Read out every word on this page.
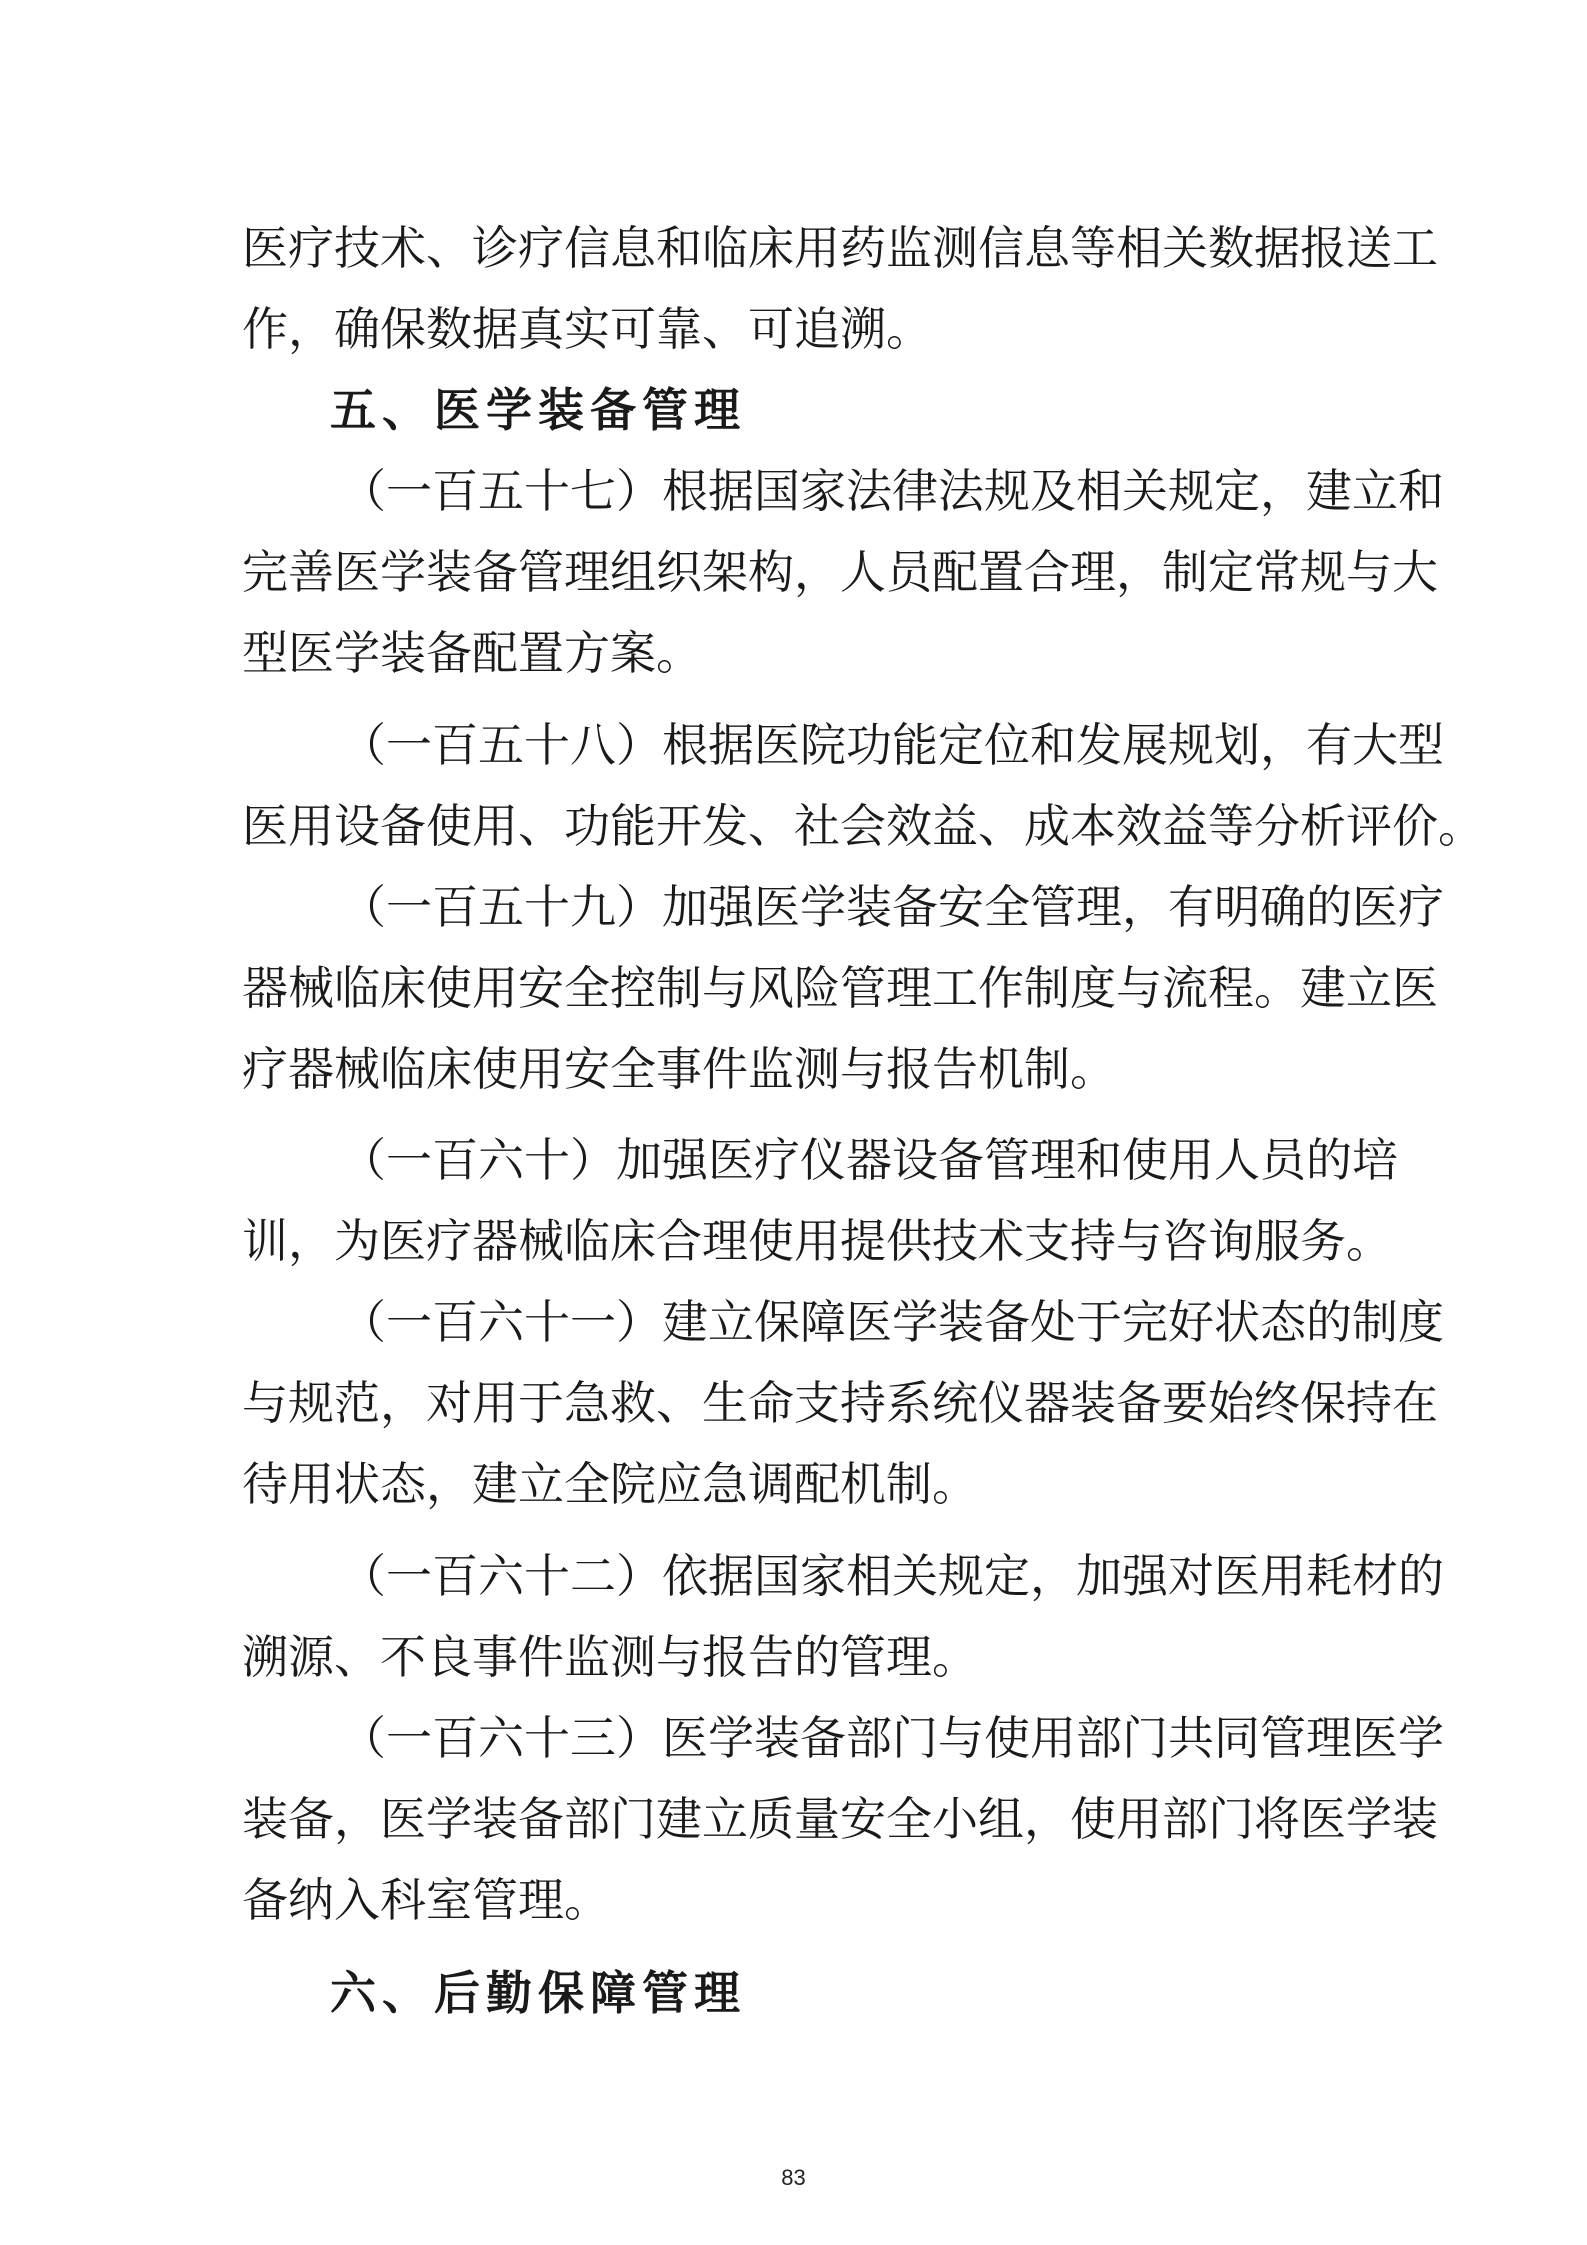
医疗技术、诊疗信息和临床用药监测信息等相关数据报送工
作，确保数据真实可靠、可追溯。
五、医学装备管理
（一百五十七）根据国家法律法规及相关规定，建立和
完善医学装备管理组织架构，人员配置合理，制定常规与大
型医学装备配置方案。
（一百五十八）根据医院功能定位和发展规划，有大型
医用设备使用、功能开发、社会效益、成本效益等分析评价。
（一百五十九）加强医学装备安全管理，有明确的医疗
器械临床使用安全控制与风险管理工作制度与流程。建立医
疗器械临床使用安全事件监测与报告机制。
（一百六十）加强医疗仪器设备管理和使用人员的培
训，为医疗器械临床合理使用提供技术支持与咨询服务。
（一百六十一）建立保障医学装备处于完好状态的制度
与规范，对用于急救、生命支持系统仪器装备要始终保持在
待用状态，建立全院应急调配机制。
（一百六十二）依据国家相关规定，加强对医用耗材的
溯源、不良事件监测与报告的管理。
（一百六十三）医学装备部门与使用部门共同管理医学
装备，医学装备部门建立质量安全小组，使用部门将医学装
备纳入科室管理。
六、后勤保障管理
83
